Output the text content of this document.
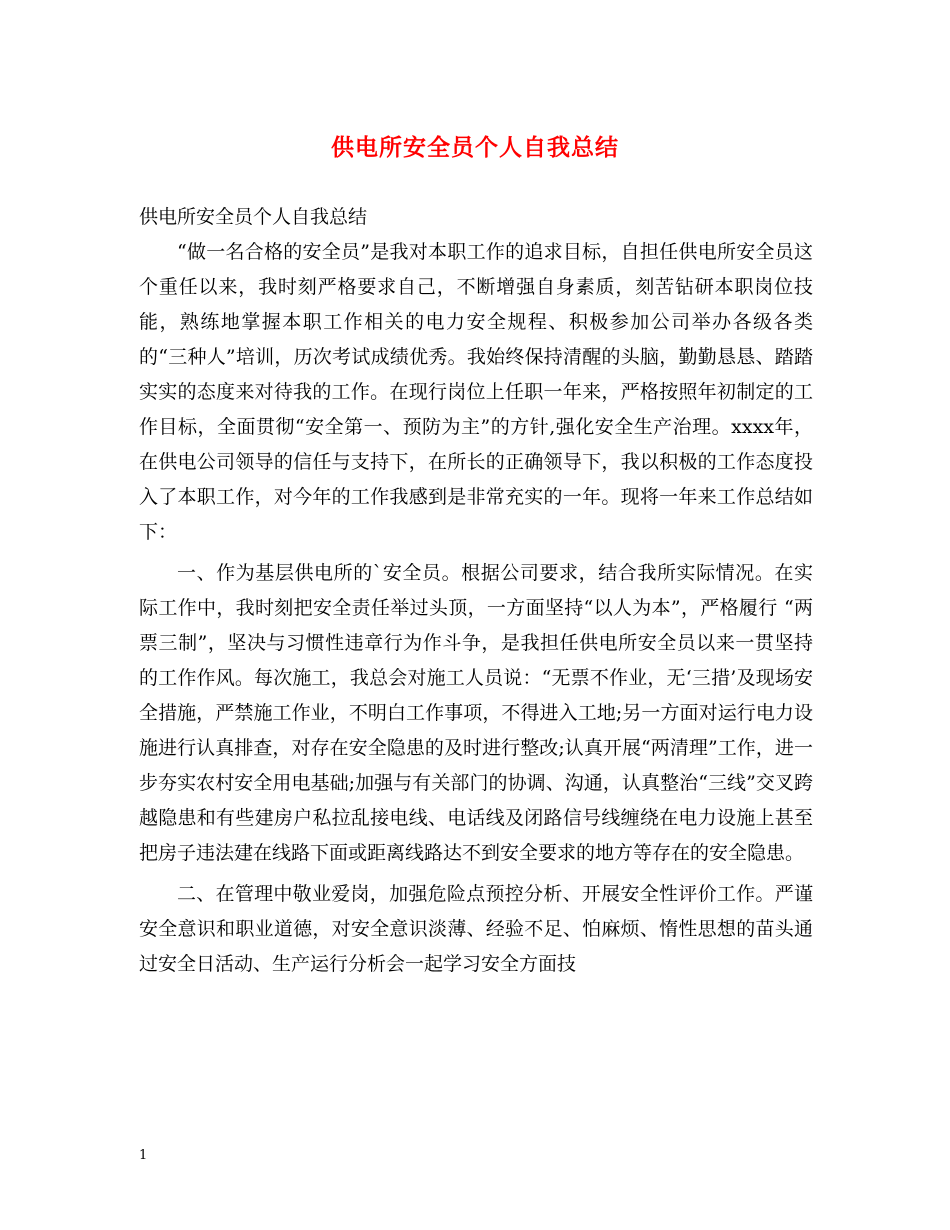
供电所安全员个人自我总结

供电所安全员个人自我总结

“做一名合格的安全员”是我对本职工作的追求目标，自担任供电所安全员这个重任以来，我时刻严格要求自己，不断增强自身素质，刻苦钻研本职岗位技能，熟练地掌握本职工作相关的电力安全规程、积极参加公司举办各级各类的“三种人”培训，历次考试成绩优秀。我始终保持清醒的头脑，勤勤恳恳、踏踏实实的态度来对待我的工作。在现行岗位上任职一年来，严格按照年初制定的工作目标，全面贯彻“安全第一、预防为主”的方针,强化安全生产治理。xxxx年，在供电公司领导的信任与支持下，在所长的正确领导下，我以积极的工作态度投入了本职工作，对今年的工作我感到是非常充实的一年。现将一年来工作总结如下：

一、作为基层供电所的`安全员。根据公司要求，结合我所实际情况。在实际工作中，我时刻把安全责任举过头顶，一方面坚持“以人为本”，严格履行 “两票三制”，坚决与习惯性违章行为作斗争，是我担任供电所安全员以来一贯坚持的工作作风。每次施工，我总会对施工人员说：“无票不作业，无‘三措’及现场安全措施，严禁施工作业，不明白工作事项，不得进入工地;另一方面对运行电力设施进行认真排查，对存在安全隐患的及时进行整改;认真开展“两清理”工作，进一步夯实农村安全用电基础;加强与有关部门的协调、沟通，认真整治“三线”交叉跨越隐患和有些建房户私拉乱接电线、电话线及闭路信号线缠绕在电力设施上甚至把房子违法建在线路下面或距离线路达不到安全要求的地方等存在的安全隐患。

二、在管理中敬业爱岗，加强危险点预控分析、开展安全性评价工作。严谨安全意识和职业道德，对安全意识淡薄、经验不足、怕麻烦、惰性思想的苗头通过安全日活动、生产运行分析会一起学习安全方面技

1
